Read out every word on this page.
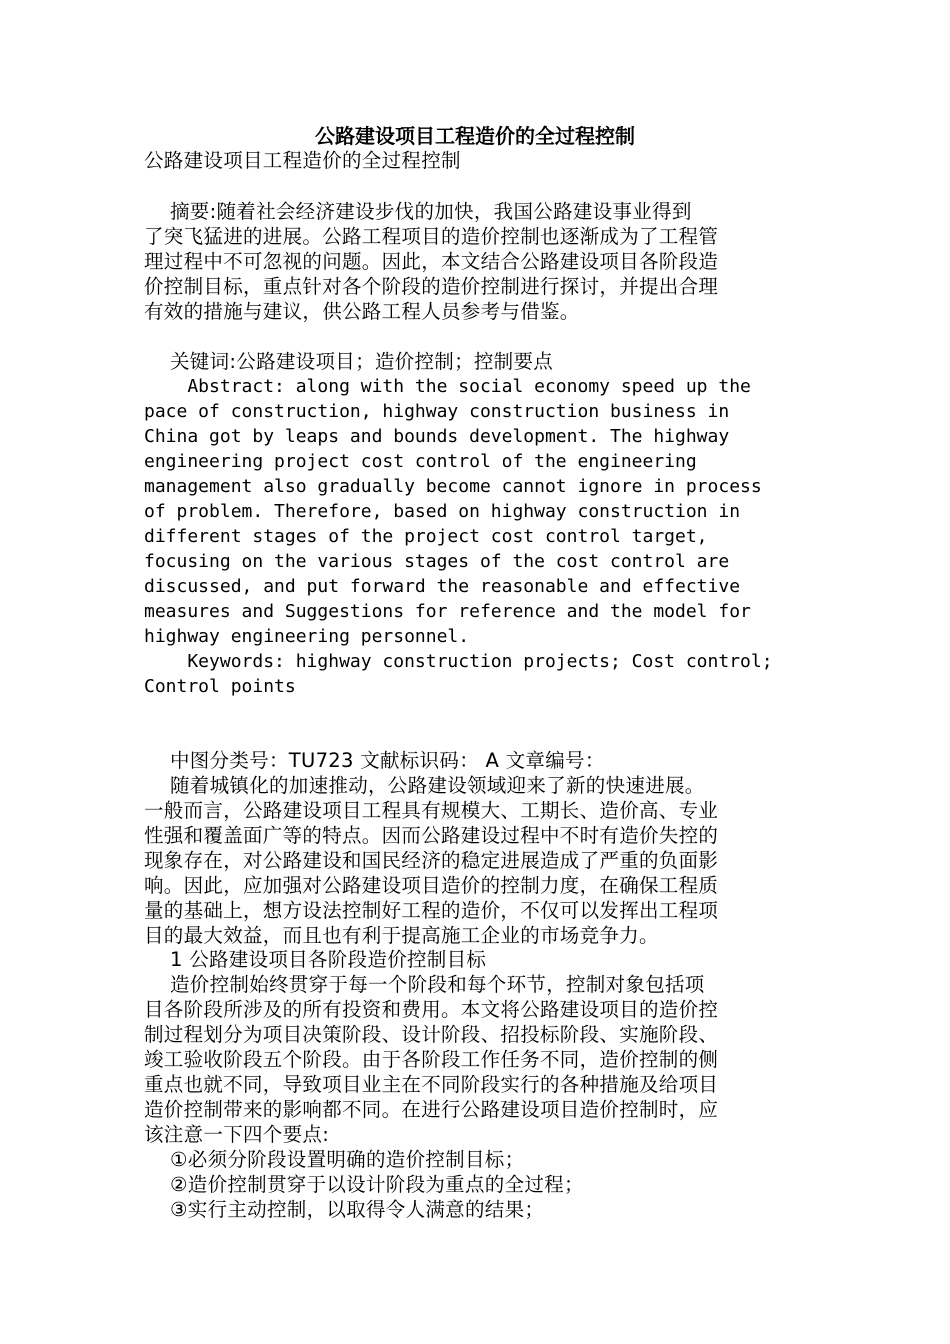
公路建设项目工程造价的全过程控制
公路建设项目工程造价的全过程控制
摘要:随着社会经济建设步伐的加快，我国公路建设事业得到
了突飞猛进的进展。公路工程项目的造价控制也逐渐成为了工程管
理过程中不可忽视的问题。因此，本文结合公路建设项目各阶段造
价控制目标，重点针对各个阶段的造价控制进行探讨，并提出合理
有效的措施与建议，供公路工程人员参考与借鉴。
关键词:公路建设项目；造价控制；控制要点
Abstract: along with the social economy speed up the
pace of construction, highway construction business in
China got by leaps and bounds development. The highway
engineering project cost control of the engineering
management also gradually become cannot ignore in process
of problem. Therefore, based on highway construction in
different stages of the project cost control target,
focusing on the various stages of the cost control are
discussed, and put forward the reasonable and effective
measures and Suggestions for reference and the model for
highway engineering personnel.
Keywords: highway construction projects; Cost control;
Control points
中图分类号：TU723 文献标识码： A 文章编号：
随着城镇化的加速推动，公路建设领域迎来了新的快速进展。
一般而言，公路建设项目工程具有规模大、工期长、造价高、专业
性强和覆盖面广等的特点。因而公路建设过程中不时有造价失控的
现象存在，对公路建设和国民经济的稳定进展造成了严重的负面影
响。因此，应加强对公路建设项目造价的控制力度，在确保工程质
量的基础上，想方设法控制好工程的造价，不仅可以发挥出工程项
目的最大效益，而且也有利于提高施工企业的市场竞争力。
1 公路建设项目各阶段造价控制目标
造价控制始终贯穿于每一个阶段和每个环节，控制对象包括项
目各阶段所涉及的所有投资和费用。本文将公路建设项目的造价控
制过程划分为项目决策阶段、设计阶段、招投标阶段、实施阶段、
竣工验收阶段五个阶段。由于各阶段工作任务不同，造价控制的侧
重点也就不同，导致项目业主在不同阶段实行的各种措施及给项目
造价控制带来的影响都不同。在进行公路建设项目造价控制时，应
该注意一下四个要点:
①必须分阶段设置明确的造价控制目标；
②造价控制贯穿于以设计阶段为重点的全过程；
③实行主动控制，以取得令人满意的结果；
